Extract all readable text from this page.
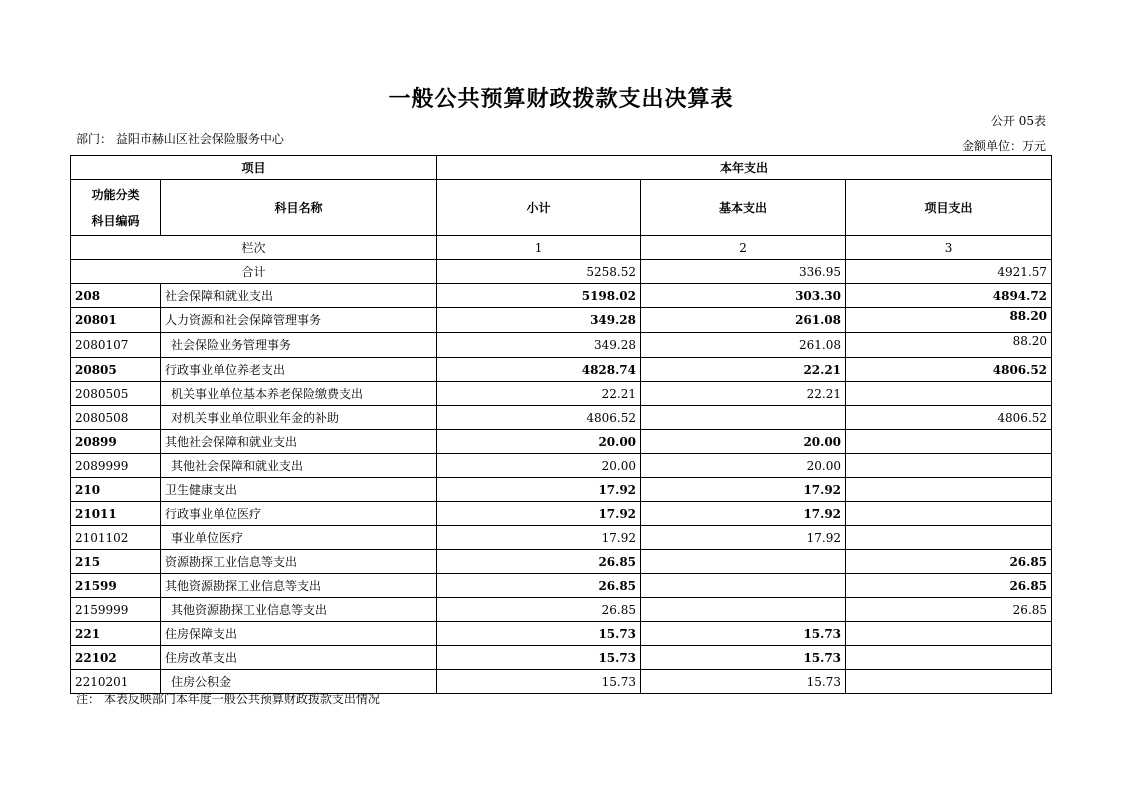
一般公共预算财政拨款支出决算表
公开 05表
部门： 益阳市赫山区社会保险服务中心	金额单位：万元
项目		本年支出		

功能分类
科目编码	科目名称	小计	基本支出	项目支出
栏次		1	2	3
合计		5258.52	336.95	4921.57
208	社会保障和就业支出	5198.02	303.30	4894.72
20801	人力资源和社会保障管理事务	349.28	261.08	88.20
2080107	社会保险业务管理事务	349.28	261.08	88.20
20805	行政事业单位养老支出	4828.74	22.21	4806.52
2080505	机关事业单位基本养老保险缴费支出	22.21	22.21	
2080508	对机关事业单位职业年金的补助	4806.52		4806.52
20899	其他社会保障和就业支出	20.00	20.00	
2089999	其他社会保障和就业支出	20.00	20.00	
210	卫生健康支出	17.92	17.92	
21011	行政事业单位医疗	17.92	17.92	
2101102	事业单位医疗	17.92	17.92	
215	资源勘探工业信息等支出	26.85		26.85
21599	其他资源勘探工业信息等支出	26.85		26.85
2159999	其他资源勘探工业信息等支出	26.85		26.85
221	住房保障支出	15.73	15.73	
22102	住房改革支出	15.73	15.73	
2210201	住房公积金	15.73	15.73	
注： 本表反映部门本年度一般公共预算财政拨款支出情况
